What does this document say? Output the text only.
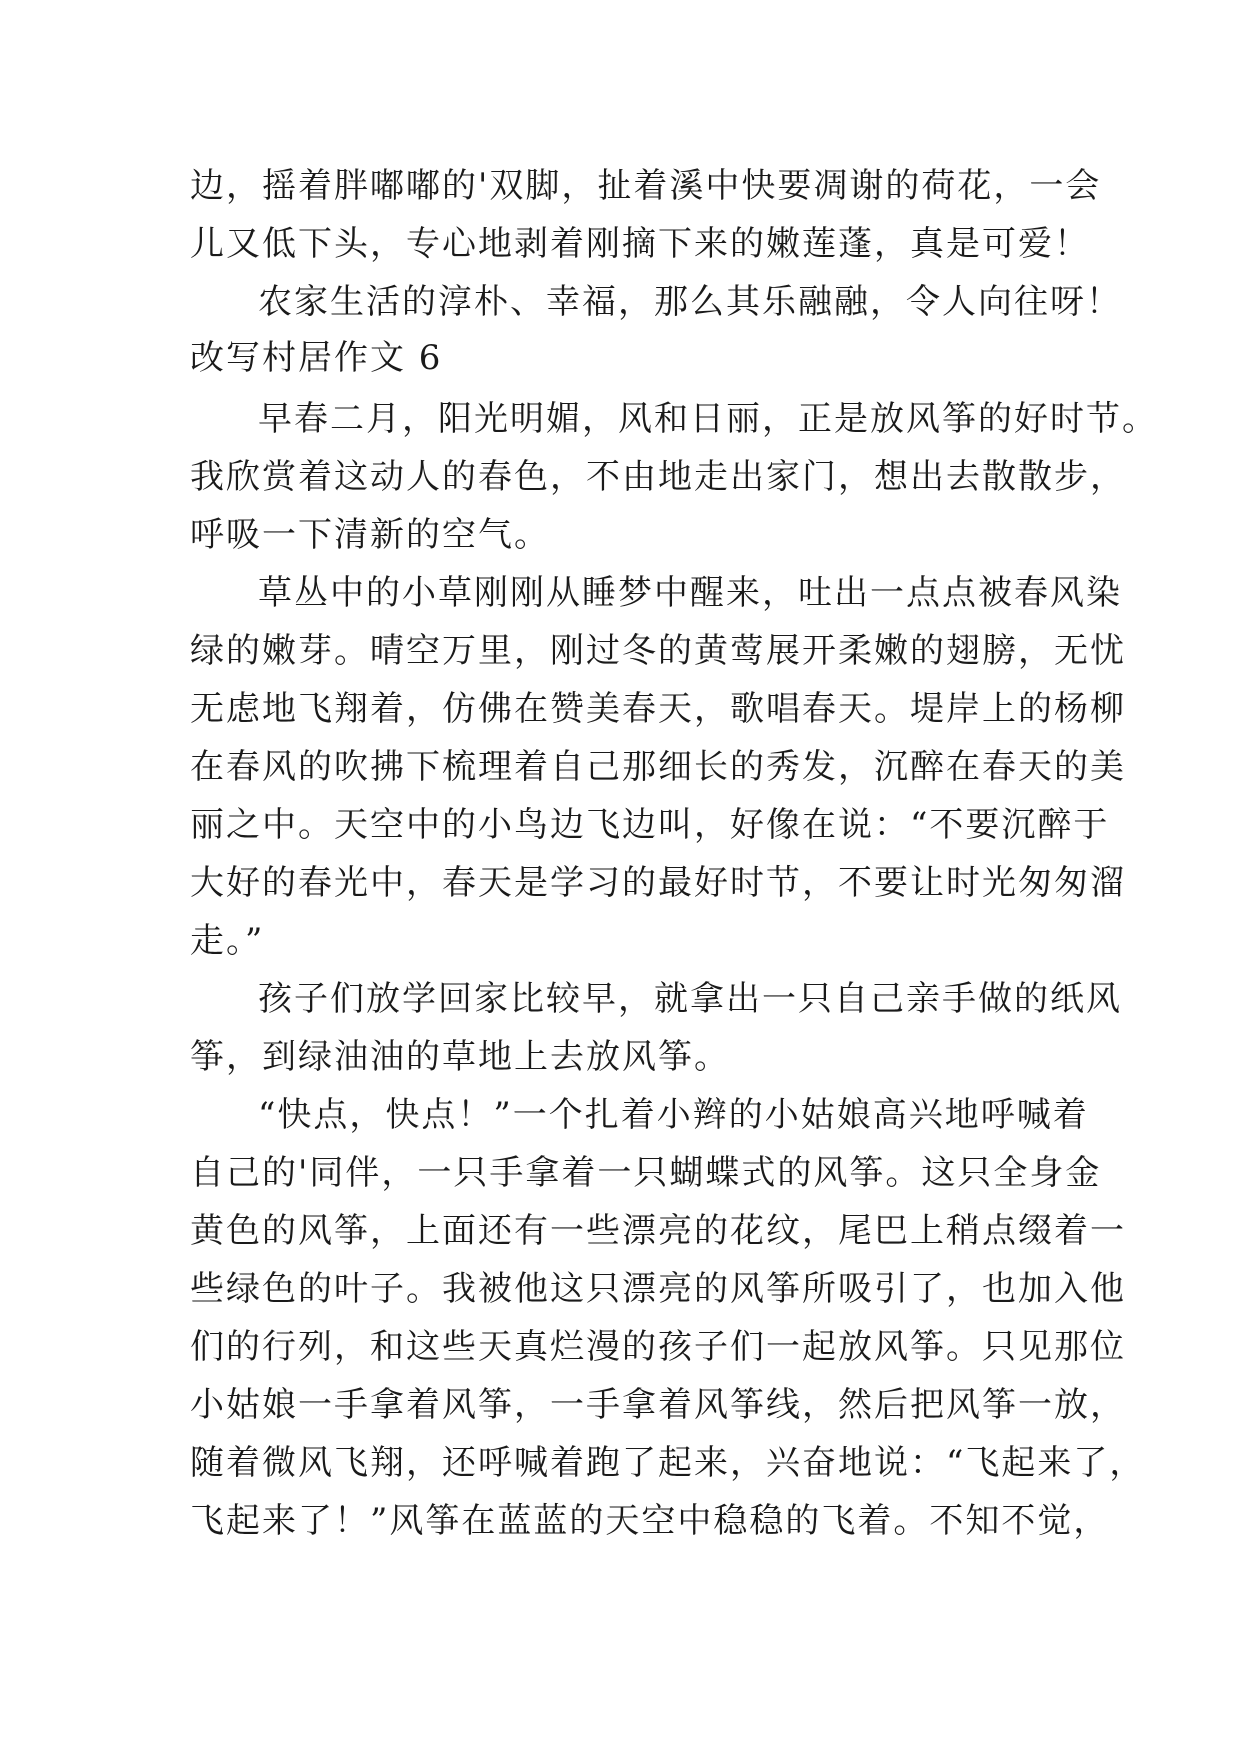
边，摇着胖嘟嘟的'双脚，扯着溪中快要凋谢的荷花，一会
儿又低下头，专心地剥着刚摘下来的嫩莲蓬，真是可爱！
农家生活的淳朴、幸福，那么其乐融融，令人向往呀！
改写村居作文 6
早春二月，阳光明媚，风和日丽，正是放风筝的好时节。
我欣赏着这动人的春色，不由地走出家门，想出去散散步，
呼吸一下清新的空气。
草丛中的小草刚刚从睡梦中醒来，吐出一点点被春风染
绿的嫩芽。晴空万里，刚过冬的黄莺展开柔嫩的翅膀，无忧
无虑地飞翔着，仿佛在赞美春天，歌唱春天。堤岸上的杨柳
在春风的吹拂下梳理着自己那细长的秀发，沉醉在春天的美
丽之中。天空中的小鸟边飞边叫，好像在说：“不要沉醉于
大好的春光中，春天是学习的最好时节，不要让时光匆匆溜
走。”
孩子们放学回家比较早，就拿出一只自己亲手做的纸风
筝，到绿油油的草地上去放风筝。
“快点，快点！”一个扎着小辫的小姑娘高兴地呼喊着
自己的'同伴，一只手拿着一只蝴蝶式的风筝。这只全身金
黄色的风筝，上面还有一些漂亮的花纹，尾巴上稍点缀着一
些绿色的叶子。我被他这只漂亮的风筝所吸引了，也加入他
们的行列，和这些天真烂漫的孩子们一起放风筝。只见那位
小姑娘一手拿着风筝，一手拿着风筝线，然后把风筝一放，
随着微风飞翔，还呼喊着跑了起来，兴奋地说：“飞起来了，
飞起来了！”风筝在蓝蓝的天空中稳稳的飞着。不知不觉，
